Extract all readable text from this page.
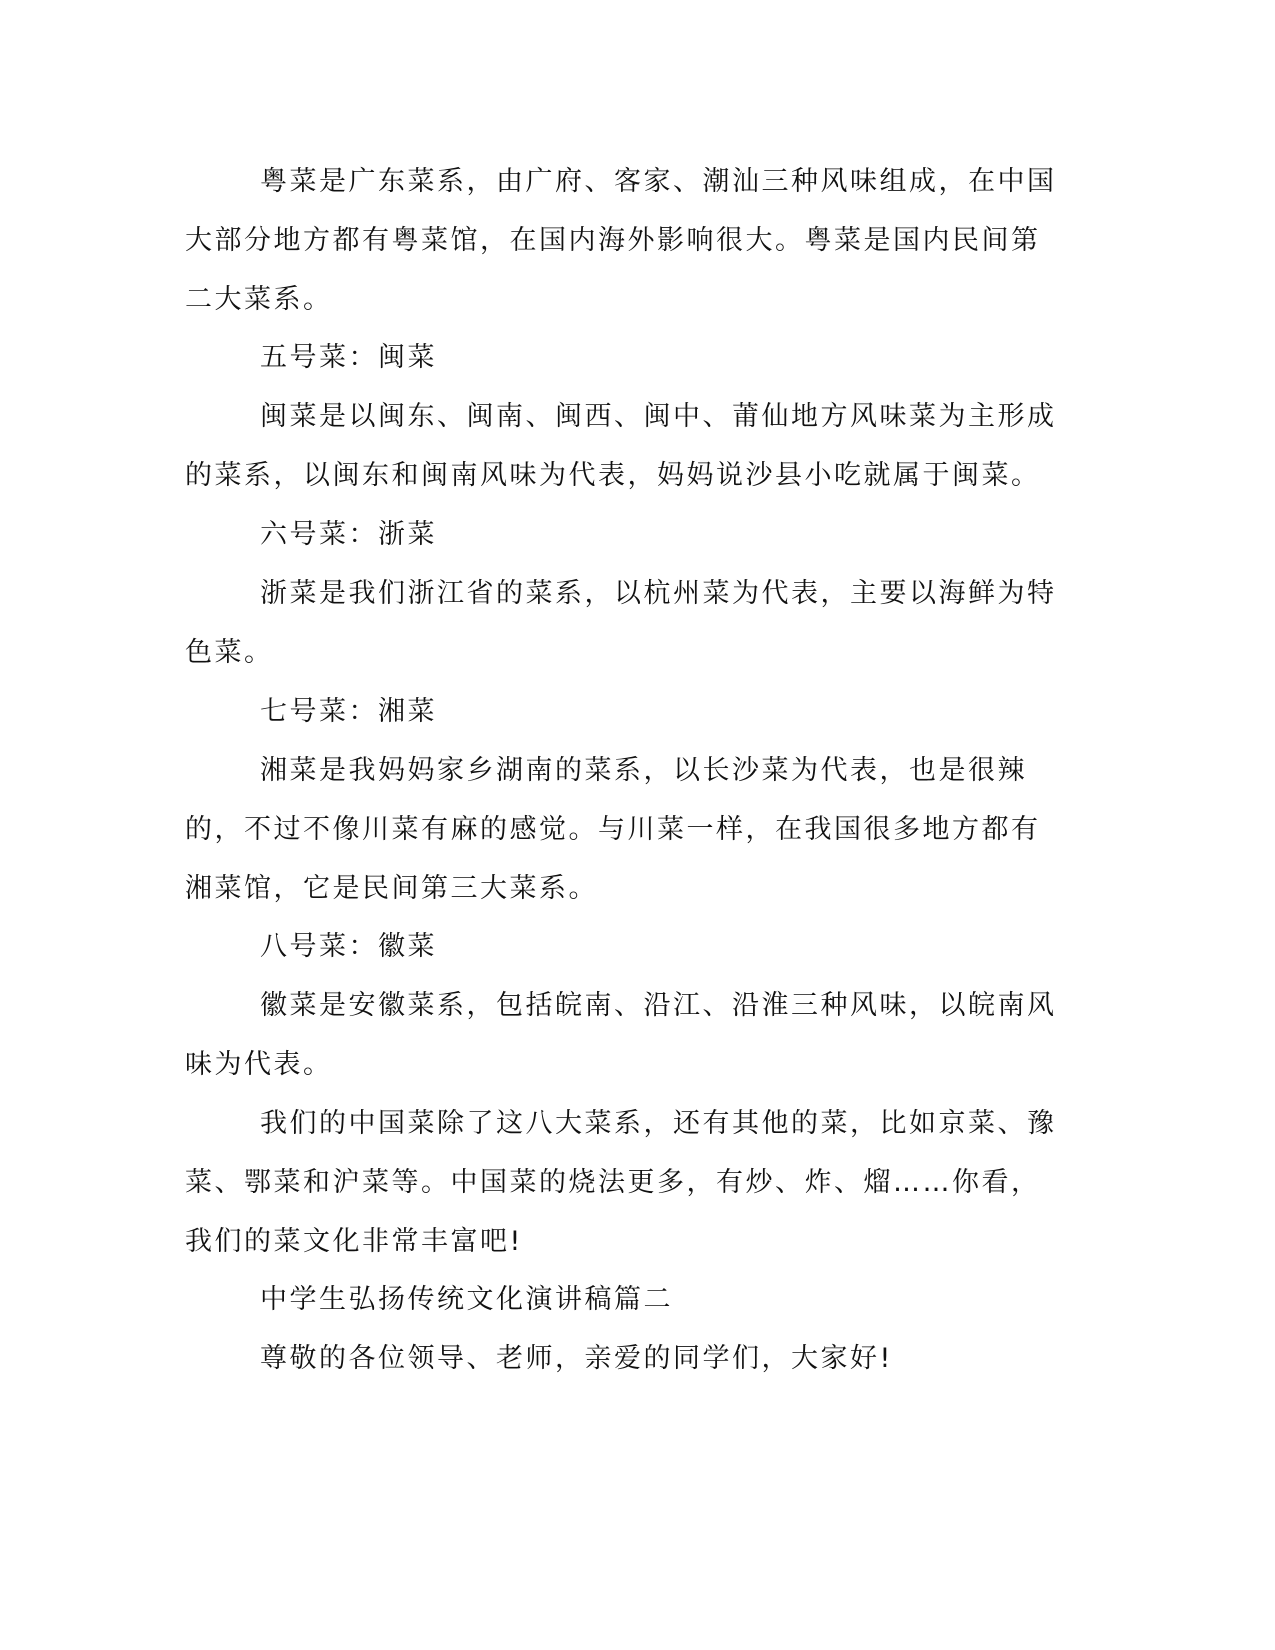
粤菜是广东菜系，由广府、客家、潮汕三种风味组成，在中国大部分地方都有粤菜馆，在国内海外影响很大。粤菜是国内民间第二大菜系。

五号菜：闽菜

闽菜是以闽东、闽南、闽西、闽中、莆仙地方风味菜为主形成的菜系，以闽东和闽南风味为代表，妈妈说沙县小吃就属于闽菜。

六号菜：浙菜

浙菜是我们浙江省的菜系，以杭州菜为代表，主要以海鲜为特色菜。

七号菜：湘菜

湘菜是我妈妈家乡湖南的菜系，以长沙菜为代表，也是很辣的，不过不像川菜有麻的感觉。与川菜一样，在我国很多地方都有湘菜馆，它是民间第三大菜系。

八号菜：徽菜

徽菜是安徽菜系，包括皖南、沿江、沿淮三种风味，以皖南风味为代表。

我们的中国菜除了这八大菜系，还有其他的菜，比如京菜、豫菜、鄂菜和沪菜等。中国菜的烧法更多，有炒、炸、熘……你看，我们的菜文化非常丰富吧!

中学生弘扬传统文化演讲稿篇二

尊敬的各位领导、老师，亲爱的同学们，大家好!
